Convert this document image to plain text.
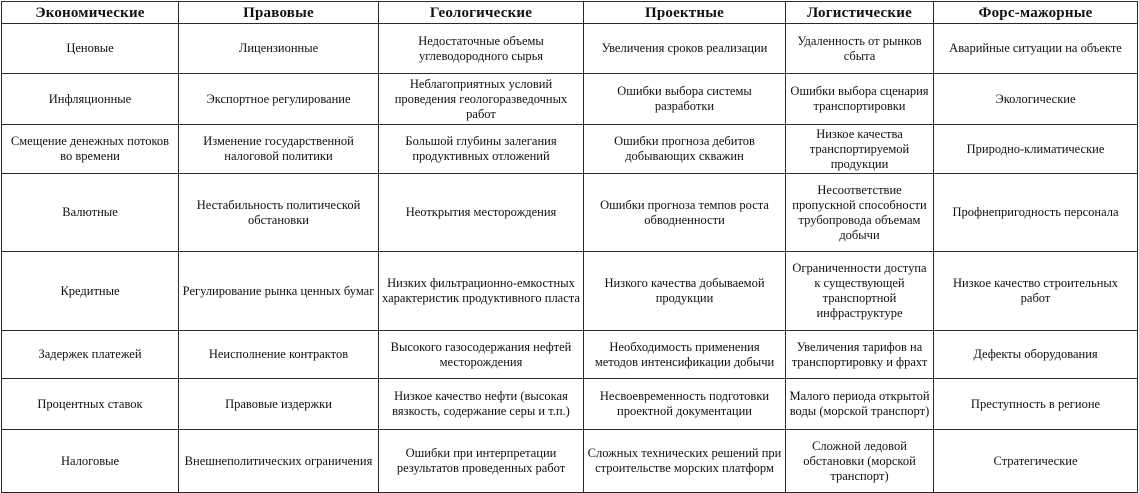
Экономические	Правовые	Геологические	Проектные	Логистические	Форс-мажорные
Ценовые	Лицензионные	Недостаточные объемы углеводородного сырья	Увеличения сроков реализации	Удаленность от рынков сбыта	Аварийные ситуации на объекте
Инфляционные	Экспортное регулирование	Неблагоприятных условий проведения геологоразведочных работ	Ошибки выбора системы разработки	Ошибки выбора сценария транспортировки	Экологические
Смещение денежных потоков во времени	Изменение государственной налоговой политики	Большой глубины залегания продуктивных отложений	Ошибки прогноза дебитов добывающих скважин	Низкое качества транспортируемой продукции	Природно-климатические
Валютные	Нестабильность политической обстановки	Неоткрытия месторождения	Ошибки прогноза темпов роста обводненности	Несоответствие пропускной способности трубопровода объемам добычи	Профнепригодность персонала
Кредитные	Регулирование рынка ценных бумаг	Низких фильтрационно-емкостных характеристик продуктивного пласта	Низкого качества добываемой продукции	Ограниченности доступа к существующей транспортной инфраструктуре	Низкое качество строительных работ
Задержек платежей	Неисполнение контрактов	Высокого газосодержания нефтей месторождения	Необходимость применения методов интенсификации добычи	Увеличения тарифов на транспортировку и фрахт	Дефекты оборудования
Процентных ставок	Правовые издержки	Низкое качество нефти (высокая вязкость, содержание серы и т.п.)	Несвоевременность подготовки проектной документации	Малого периода открытой воды (морской транспорт)	Преступность в регионе
Налоговые	Внешнеполитических ограничения	Ошибки при интерпретации результатов проведенных работ	Сложных технических решений при строительстве морских платформ	Сложной ледовой обстановки (морской транспорт)	Стратегические
